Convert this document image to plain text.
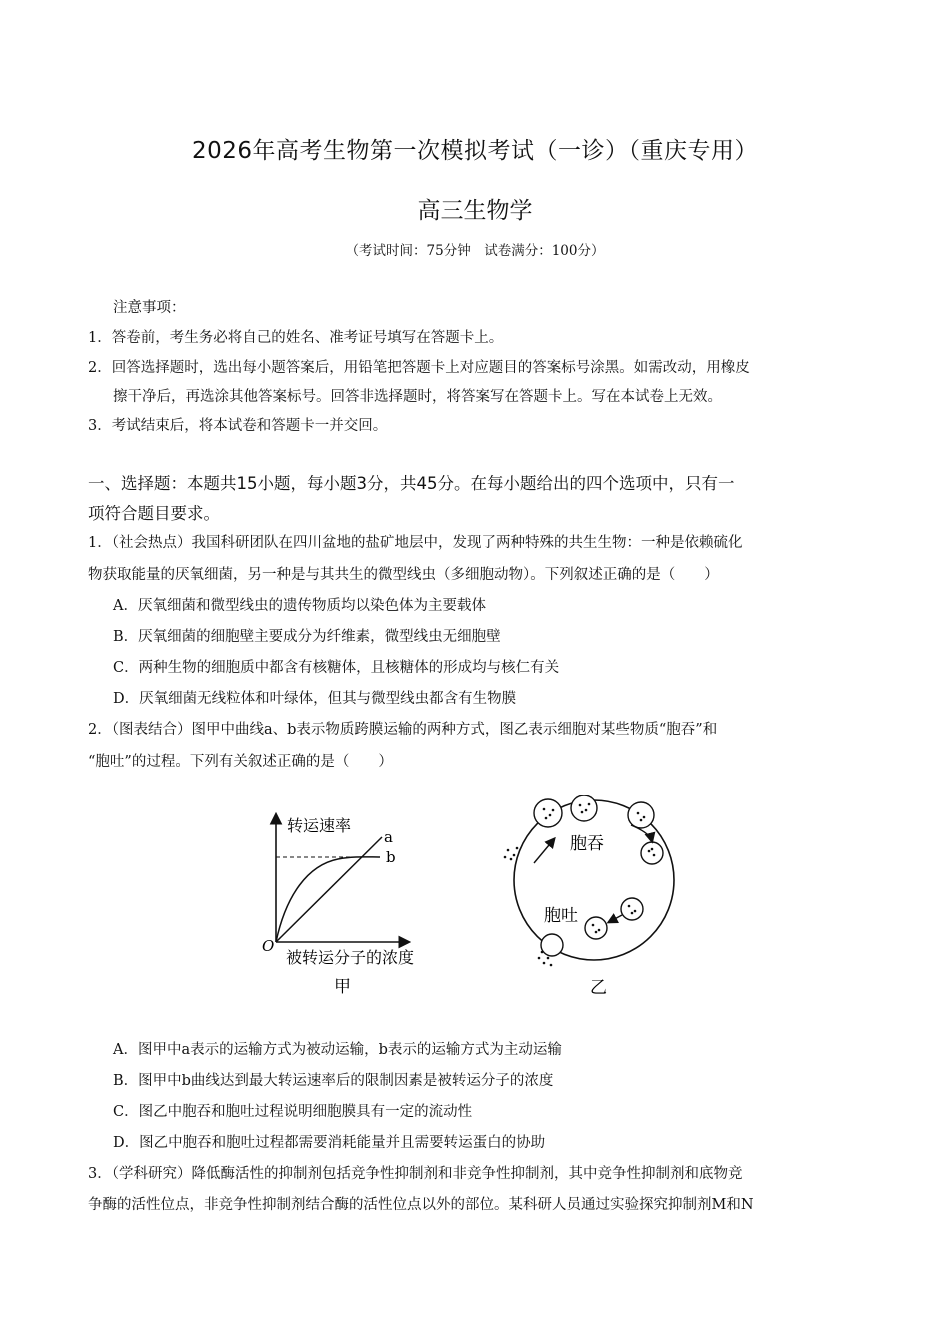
2026年高考生物第一次模拟考试（一诊）（重庆专用）
高三生物学
（考试时间：75分钟　试卷满分：100分）
注意事项：
1．答卷前，考生务必将自己的姓名、准考证号填写在答题卡上。
2．回答选择题时，选出每小题答案后，用铅笔把答题卡上对应题目的答案标号涂黑。如需改动，用橡皮
擦干净后，再选涂其他答案标号。回答非选择题时，将答案写在答题卡上。写在本试卷上无效。
3．考试结束后，将本试卷和答题卡一并交回。
一、选择题：本题共15小题，每小题3分，共45分。在每小题给出的四个选项中，只有一
项符合题目要求。
1．（社会热点）我国科研团队在四川盆地的盐矿地层中，发现了两种特殊的共生生物：一种是依赖硫化
物获取能量的厌氧细菌，另一种是与其共生的微型线虫（多细胞动物）。下列叙述正确的是（　　）
A．厌氧细菌和微型线虫的遗传物质均以染色体为主要载体
B．厌氧细菌的细胞壁主要成分为纤维素，微型线虫无细胞壁
C．两种生物的细胞质中都含有核糖体，且核糖体的形成均与核仁有关
D．厌氧细菌无线粒体和叶绿体，但其与微型线虫都含有生物膜
2．（图表结合）图甲中曲线a、b表示物质跨膜运输的两种方式，图乙表示细胞对某些物质“胞吞”和
“胞吐”的过程。下列有关叙述正确的是（　　）
转运速率
a
b
O
被转运分子的浓度
甲
胞吞
胞吐
乙
A．图甲中a表示的运输方式为被动运输，b表示的运输方式为主动运输
B．图甲中b曲线达到最大转运速率后的限制因素是被转运分子的浓度
C．图乙中胞吞和胞吐过程说明细胞膜具有一定的流动性
D．图乙中胞吞和胞吐过程都需要消耗能量并且需要转运蛋白的协助
3．（学科研究）降低酶活性的抑制剂包括竞争性抑制剂和非竞争性抑制剂，其中竞争性抑制剂和底物竞
争酶的活性位点，非竞争性抑制剂结合酶的活性位点以外的部位。某科研人员通过实验探究抑制剂M和N
